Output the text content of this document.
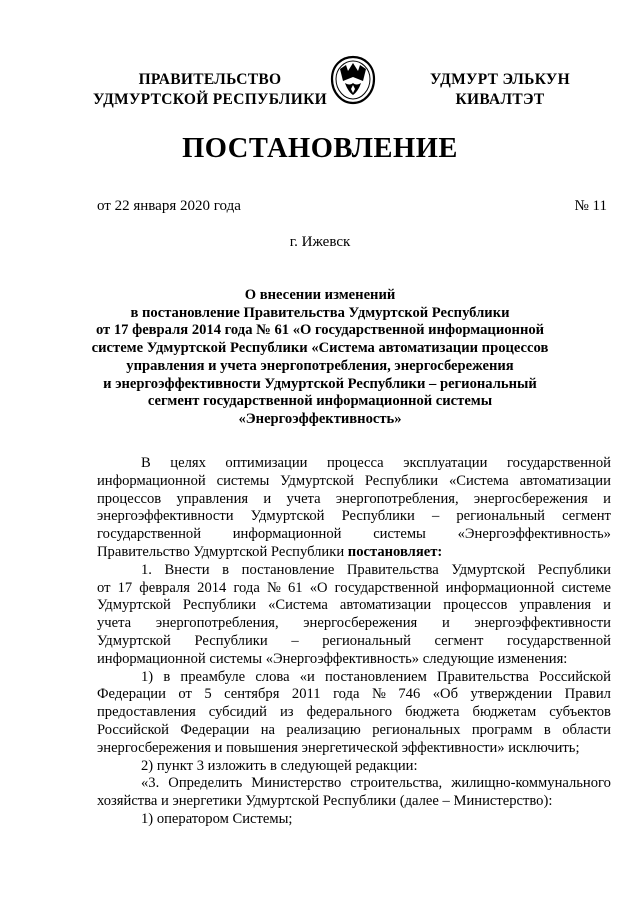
ПРАВИТЕЛЬСТВО
УДМУРТСКОЙ РЕСПУБЛИКИ
УДМУРТ ЭЛЬКУН
КИВАЛТЭТ
ПОСТАНОВЛЕНИЕ
от 22 января 2020 года	№ 11
г. Ижевск
О внесении изменений
в постановление Правительства Удмуртской Республики
от 17 февраля 2014 года № 61 «О государственной информационной
системе Удмуртской Республики «Система автоматизации процессов
управления и учета энергопотребления, энергосбережения
и энергоэффективности Удмуртской Республики – региональный
сегмент государственной информационной системы
«Энергоэффективность»
В целях оптимизации процесса эксплуатации государственной
информационной системы Удмуртской Республики «Система автоматизации
процессов управления и учета энергопотребления, энергосбережения и
энергоэффективности Удмуртской Республики – региональный сегмент
государственной информационной системы «Энергоэффективность»
Правительство Удмуртской Республики постановляет:
1. Внести в постановление Правительства Удмуртской Республики
от 17 февраля 2014 года № 61 «О государственной информационной системе
Удмуртской Республики «Система автоматизации процессов управления и
учета энергопотребления, энергосбережения и энергоэффективности
Удмуртской Республики – региональный сегмент государственной
информационной системы «Энергоэффективность» следующие изменения:
1) в преамбуле слова «и постановлением Правительства Российской
Федерации от 5 сентября 2011 года № 746 «Об утверждении Правил
предоставления субсидий из федерального бюджета бюджетам субъектов
Российской Федерации на реализацию региональных программ в области
энергосбережения и повышения энергетической эффективности» исключить;
2) пункт 3 изложить в следующей редакции:
«3. Определить Министерство строительства, жилищно-коммунального
хозяйства и энергетики Удмуртской Республики (далее – Министерство):
1) оператором Системы;
